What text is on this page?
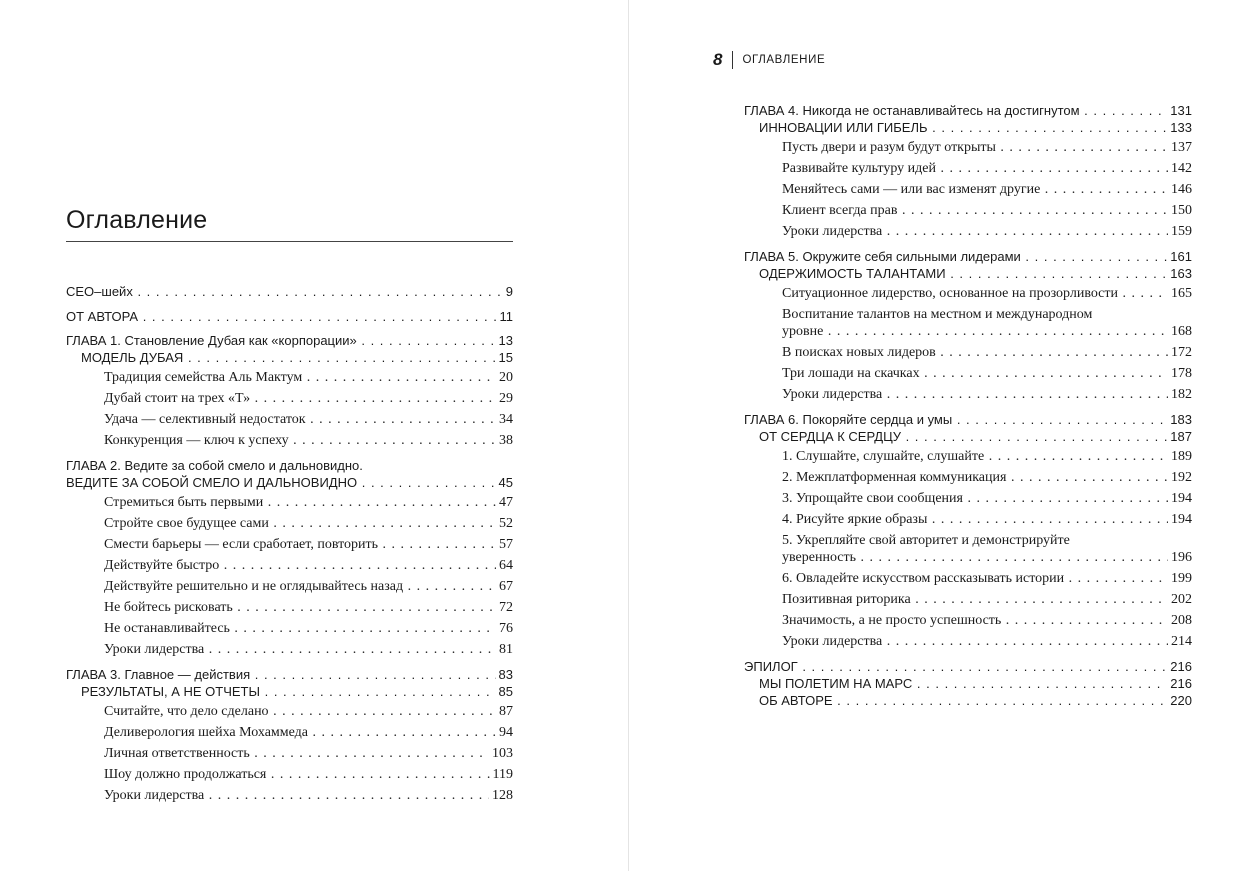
Оглавление
СЕО–шейх	9
. . .
ОТ АВТОРА	11
. . .
ГЛАВА 1. Становление Дубая как «корпорации»	13
. . .
МОДЕЛЬ ДУБАЯ	15
. . .
Традиция семейства Аль Мактум	20
. . .
Дубай стоит на трех «Т»	29
. . .
Удача — селективный недостаток	34
. . .
Конкуренция — ключ к успеху	38
. . .
ГЛАВА 2. Ведите за собой смело и дальновидно.
ВЕДИТЕ ЗА СОБОЙ СМЕЛО И ДАЛЬНОВИДНО	45
. . .
Стремиться быть первыми	47
. . .
Стройте свое будущее сами	52
. . .
Смести барьеры — если сработает, повторить	57
. . .
Действуйте быстро	64
. . .
Действуйте решительно и не оглядывайтесь назад	67
. . .
Не бойтесь рисковать	72
. . .
Не останавливайтесь	76
. . .
Уроки лидерства	81
. . .
ГЛАВА 3. Главное — действия	83
. . .
РЕЗУЛЬТАТЫ, А НЕ ОТЧЕТЫ	85
. . .
Считайте, что дело сделано	87
. . .
Деливерология шейха Мохаммеда	94
. . .
Личная ответственность	103
. . .
Шоу должно продолжаться	119
. . .
Уроки лидерства	128
. . .
8 ОГЛАВЛЕНИЕ
ГЛАВА 4. Никогда не останавливайтесь на достигнутом	131
. . .
ИННОВАЦИИ ИЛИ ГИБЕЛЬ	133
. . .
Пусть двери и разум будут открыты	137
. . .
Развивайте культуру идей	142
. . .
Меняйтесь сами — или вас изменят другие	146
. . .
Клиент всегда прав	150
. . .
Уроки лидерства	159
. . .
ГЛАВА 5. Окружите себя сильными лидерами	161
. . .
ОДЕРЖИМОСТЬ ТАЛАНТАМИ	163
. . .
Ситуационное лидерство, основанное на прозорливости	165
. . .
Воспитание талантов на местном и международном
уровне	168
. . .
В поисках новых лидеров	172
. . .
Три лошади на скачках	178
. . .
Уроки лидерства	182
. . .
ГЛАВА 6. Покоряйте сердца и умы	183
. . .
ОТ СЕРДЦА К СЕРДЦУ	187
. . .
1. Слушайте, слушайте, слушайте	189
. . .
2. Межплатформенная коммуникация	192
. . .
3. Упрощайте свои сообщения	194
. . .
4. Рисуйте яркие образы	194
. . .
5. Укрепляйте свой авторитет и демонстрируйте
уверенность	196
. . .
6. Овладейте искусством рассказывать истории	199
. . .
Позитивная риторика	202
. . .
Значимость, а не просто успешность	208
. . .
Уроки лидерства	214
. . .
ЭПИЛОГ	216
. . .
МЫ ПОЛЕТИМ НА МАРС	216
. . .
ОБ АВТОРЕ	220
. . .
